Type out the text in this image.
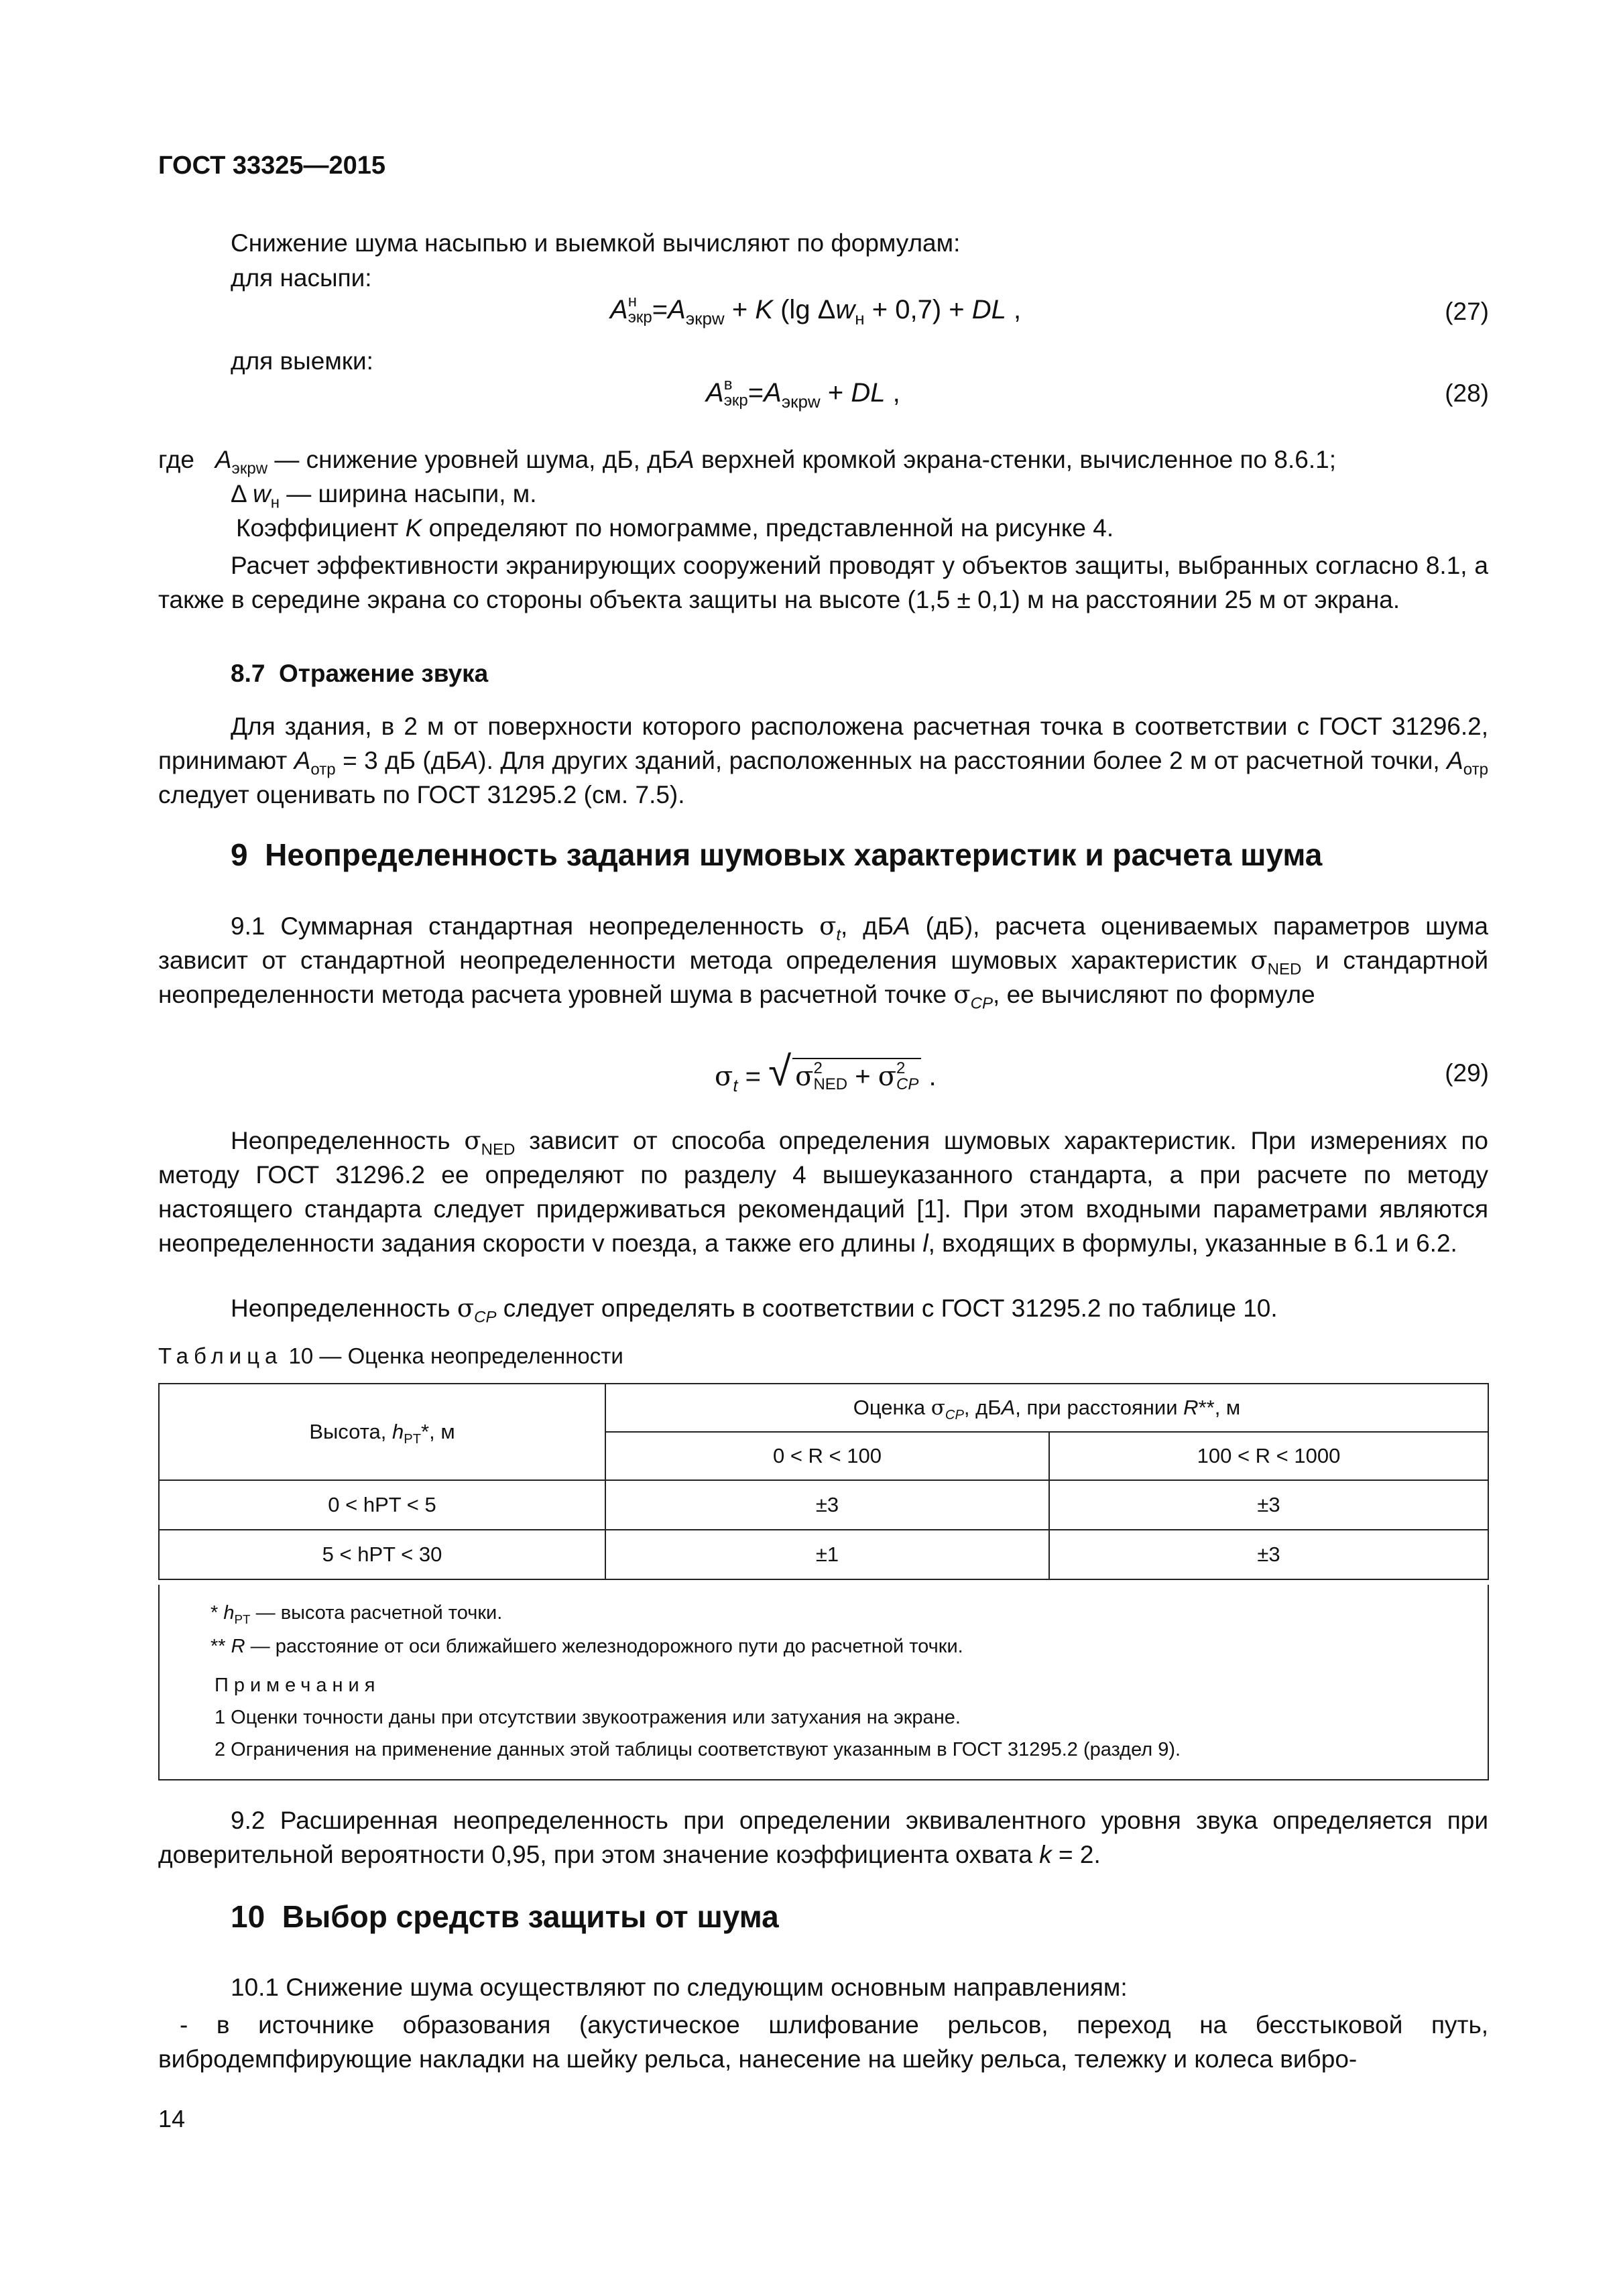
ГОСТ 33325—2015
Снижение шума насыпью и выемкой вычисляют по формулам:
для насыпи:
A н
экр $=A_{экрw} + K$ (lg $\Delta w_н + 0,7$) + DL ,	(27)
для выемки:
A в
экр $=A_{экрw}$ + DL ,	(28)
где $A_{экрw}$ — снижение уровней шума, дБ, дБA верхней кромкой экрана-стенки, вычисленное по 8.6.1;
Δ $w_н$ — ширина насыпи, м.
Коэффициент K определяют по номограмме, представленной на рисунке 4.
Расчет эффективности экранирующих сооружений проводят у объектов защиты, выбранных согласно 8.1, а также в середине экрана со стороны объекта защиты на высоте (1,5 ± 0,1) м на расстоянии 25 м от экрана.
8.7 Отражение звука
Для здания, в 2 м от поверхности которого расположена расчетная точка в соответствии с ГОСТ 31296.2, принимают $A_{отр} = 3$ дБ (дБA). Для других зданий, расположенных на расстоянии более 2 м от расчетной точки, $A_{отр}$ следует оценивать по ГОСТ 31295.2 (см. 7.5).
9 Неопределенность задания шумовых характеристик и расчета шума
9.1 Суммарная стандартная неопределенность $\sigma_t$, дБA (дБ), расчета оцениваемых параметров шума зависит от стандартной неопределенности метода определения шумовых характеристик $\sigma_{NED}$ и стандартной неопределенности метода расчета уровней шума в расчетной точке $\sigma_{CP}$, ее вычисляют по формуле
$\sigma_t$ = √ σ 2
NED + σ 2
CP .	(29)
Неопределенность $\sigma_{NED}$ зависит от способа определения шумовых характеристик. При измерениях по методу ГОСТ 31296.2 ее определяют по разделу 4 вышеуказанного стандарта, а при расчете по методу настоящего стандарта следует придерживаться рекомендаций [1]. При этом входными параметрами являются неопределенности задания скорости v поезда, а также его длины l, входящих в формулы, указанные в 6.1 и 6.2.
Неопределенность $\sigma_{CP}$ следует определять в соответствии с ГОСТ 31295.2 по таблице 10.
Таблица 10 — Оценка неопределенности
Высота, $h_{PT}*$, м	Оценка $\sigma_{CP}$, дБA, при расстоянии R**, м	
	0 < R < 100	100 < R < 1000
0 < hPT < 5	±3	±3
5 < hPT < 30	±1	±3
* $h_{PT}$ — высота расчетной точки.
** R — расстояние от оси ближайшего железнодорожного пути до расчетной точки.
Примечания
1 Оценки точности даны при отсутствии звукоотражения или затухания на экране.
2 Ограничения на применение данных этой таблицы соответствуют указанным в ГОСТ 31295.2 (раздел 9).
9.2 Расширенная неопределенность при определении эквивалентного уровня звука определяется при доверительной вероятности 0,95, при этом значение коэффициента охвата k = 2.
10 Выбор средств защиты от шума
10.1 Снижение шума осуществляют по следующим основным направлениям:
- в источнике образования (акустическое шлифование рельсов, переход на бесстыковой путь, вибродемпфирующие накладки на шейку рельса, нанесение на шейку рельса, тележку и колеса вибро-
14
